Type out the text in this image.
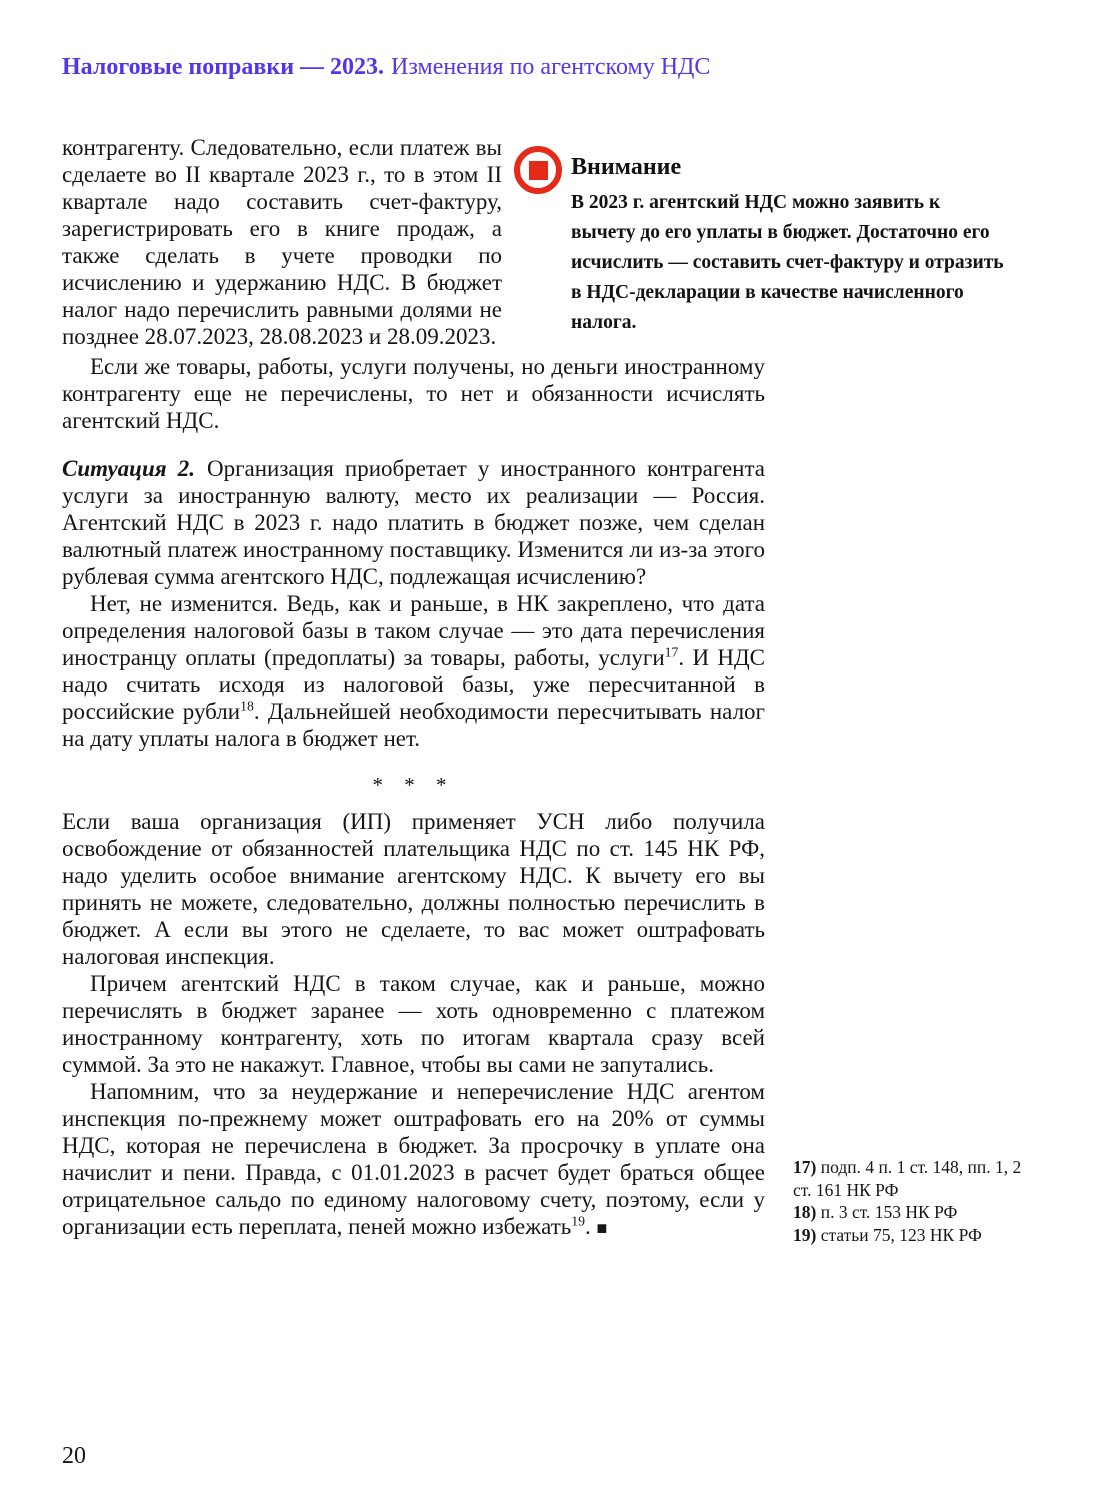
Налоговые поправки — 2023. Изменения по агентскому НДС

контрагенту. Следовательно, если платеж вы сделаете во II квартале 2023 г., то в этом II квартале надо составить счет-фактуру, зарегистрировать его в книге продаж, а также сделать в учете проводки по исчислению и удержанию НДС. В бюджет налог надо перечислить равными долями не позднее 28.07.2023, 28.08.2023 и 28.09.2023.

Внимание
В 2023 г. агентский НДС можно заявить к вычету до его уплаты в бюджет. Достаточно его исчислить — составить счет-фактуру и отразить в НДС-декларации в качестве начисленного налога.

Если же товары, работы, услуги получены, но деньги иностранному контрагенту еще не перечислены, то нет и обязанности исчислять агентский НДС.

Ситуация 2. Организация приобретает у иностранного контрагента услуги за иностранную валюту, место их реализации — Россия. Агентский НДС в 2023 г. надо платить в бюджет позже, чем сделан валютный платеж иностранному поставщику. Изменится ли из-за этого рублевая сумма агентского НДС, подлежащая исчислению?

Нет, не изменится. Ведь, как и раньше, в НК закреплено, что дата определения налоговой базы в таком случае — это дата перечисления иностранцу оплаты (предоплаты) за товары, работы, услуги$^{17}$. И НДС надо считать исходя из налоговой базы, уже пересчитанной в российские рубли$^{18}$. Дальнейшей необходимости пересчитывать налог на дату уплаты налога в бюджет нет.

* * *

Если ваша организация (ИП) применяет УСН либо получила освобождение от обязанностей плательщика НДС по ст. 145 НК РФ, надо уделить особое внимание агентскому НДС. К вычету его вы принять не можете, следовательно, должны полностью перечислить в бюджет. А если вы этого не сделаете, то вас может оштрафовать налоговая инспекция.

Причем агентский НДС в таком случае, как и раньше, можно перечислять в бюджет заранее — хоть одновременно с платежом иностранному контрагенту, хоть по итогам квартала сразу всей суммой. За это не накажут. Главное, чтобы вы сами не запутались.

Напомним, что за неудержание и неперечисление НДС агентом инспекция по-прежнему может оштрафовать его на 20% от суммы НДС, которая не перечислена в бюджет. За просрочку в уплате она начислит и пени. Правда, с 01.01.2023 в расчет будет браться общее отрицательное сальдо по единому налоговому счету, поэтому, если у организации есть переплата, пеней можно избежать$^{19}$. ■

17) подп. 4 п. 1 ст. 148, пп. 1, 2 ст. 161 НК РФ
18) п. 3 ст. 153 НК РФ
19) статьи 75, 123 НК РФ
20
